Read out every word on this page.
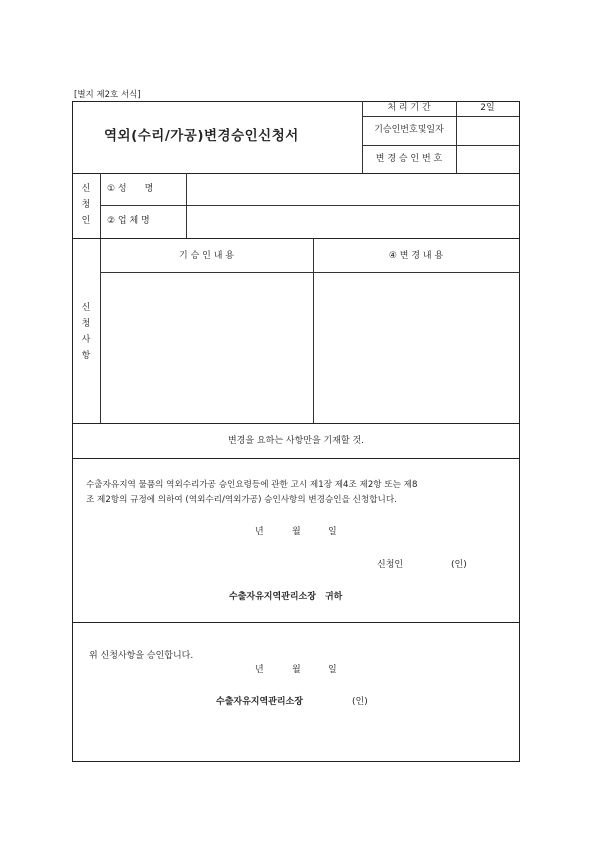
[별지 제2호 서식]
역외(수리/가공)변경승인신청서
처 리 기 간	2일
기승인번호및일자
변 경 승 인 번 호
신 청 인
① 성　　명
② 업 체 명
신 청 사 항
기 승 인 내 용	④ 변 경 내 용
변경을 요하는 사항만을 기재할 것.
수출자유지역 물품의 역외수리가공 승인요령등에 관한 고시 제1장 제4조 제2항 또는 제8
조 제2항의 규정에 의하여 (역외수리/역외가공) 승인사항의 변경승인을 신청합니다.
년	월	일
신청인	(인)
수출자유지역관리소장　귀하
위 신청사항을 승인합니다.
년	월	일
수출자유지역관리소장	(인)
